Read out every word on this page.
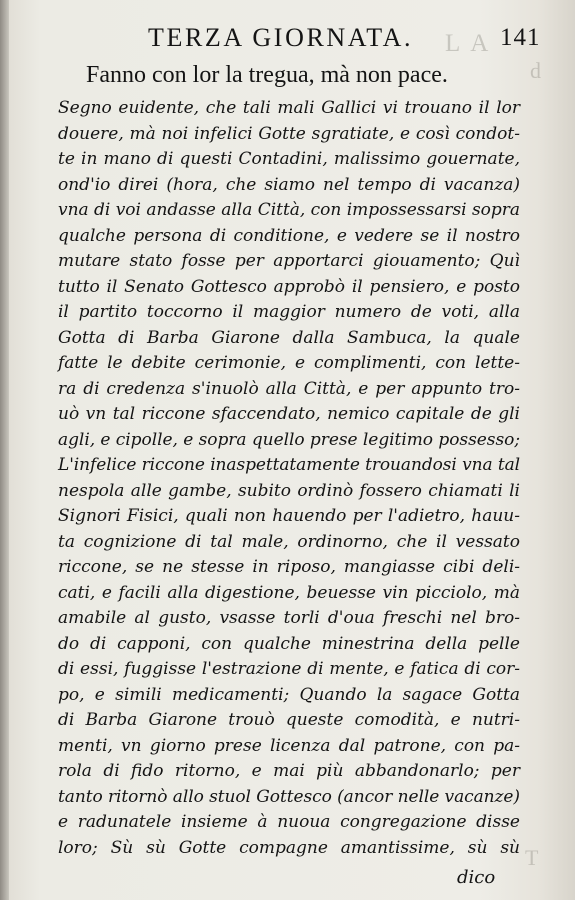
L A
d
T
TERZA GIORNATA.	141
Fanno con lor la tregua, mà non pace.
Segno euidente, che tali mali Gallici vi trouano il lor
douere, mà noi infelici Gotte sgratiate, e così condot-
te in mano di questi Contadini, malissimo gouernate,
ond'io direi (hora, che siamo nel tempo di vacanza)
vna di voi andasse alla Città, con impossessarsi sopra
qualche persona di conditione, e vedere se il nostro
mutare stato fosse per apportarci giouamento; Quì
tutto il Senato Gottesco approbò il pensiero, e posto
il partito toccorno il maggior numero de voti, alla
Gotta di Barba Giarone dalla Sambuca, la quale
fatte le debite cerimonie, e complimenti, con lette-
ra di credenza s'inuolò alla Città, e per appunto tro-
uò vn tal riccone sfaccendato, nemico capitale de gli
agli, e cipolle, e sopra quello prese legitimo possesso;
L'infelice riccone inaspettatamente trouandosi vna tal
nespola alle gambe, subito ordinò fossero chiamati li
Signori Fisici, quali non hauendo per l'adietro, hauu-
ta cognizione di tal male, ordinorno, che il vessato
riccone, se ne stesse in riposo, mangiasse cibi deli-
cati, e facili alla digestione, beuesse vin picciolo, mà
amabile al gusto, vsasse torli d'oua freschi nel bro-
do di capponi, con qualche minestrina della pelle
di essi, fuggisse l'estrazione di mente, e fatica di cor-
po, e simili medicamenti; Quando la sagace Gotta
di Barba Giarone trouò queste comodità, e nutri-
menti, vn giorno prese licenza dal patrone, con pa-
rola di fido ritorno, e mai più abbandonarlo; per
tanto ritornò allo stuol Gottesco (ancor nelle vacanze)
e radunatele insieme à nuoua congregazione disse
loro; Sù sù Gotte compagne amantissime, sù sù
dico
